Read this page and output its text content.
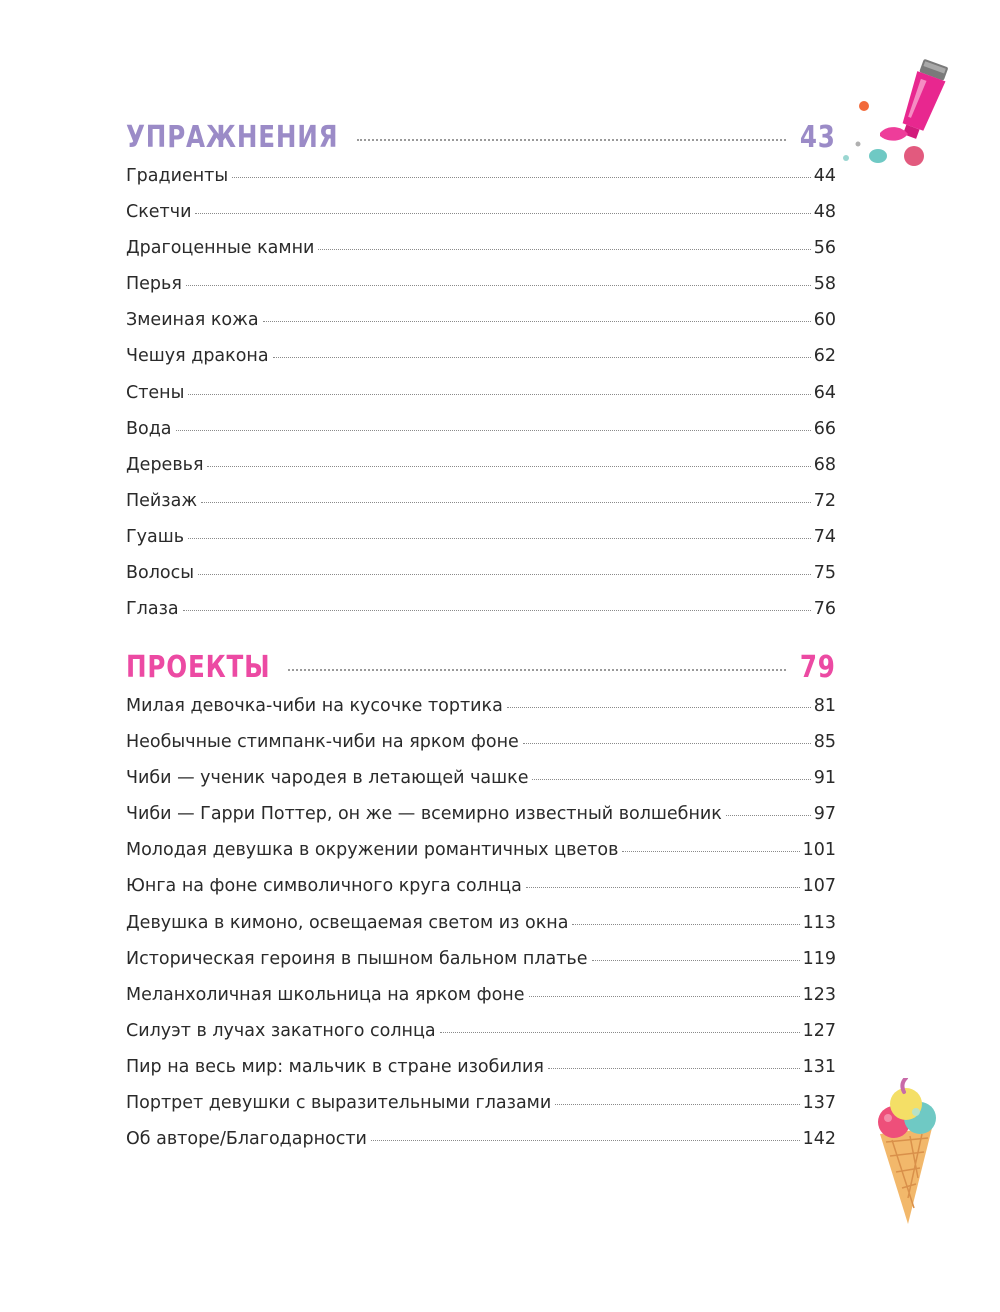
УПРАЖНЕНИЯ	43
Градиенты	44
Скетчи	48
Драгоценные камни	56
Перья	58
Змеиная кожа	60
Чешуя дракона	62
Стены	64
Вода	66
Деревья	68
Пейзаж	72
Гуашь	74
Волосы	75
Глаза	76
ПРОЕКТЫ	79
Милая девочка-чиби на кусочке тортика	81
Необычные стимпанк-чиби на ярком фоне	85
Чиби — ученик чародея в летающей чашке	91
Чиби — Гарри Поттер, он же — всемирно известный волшебник	97
Молодая девушка в окружении романтичных цветов	101
Юнга на фоне символичного круга солнца	107
Девушка в кимоно, освещаемая светом из окна	113
Историческая героиня в пышном бальном платье	119
Меланхоличная школьница на ярком фоне	123
Силуэт в лучах закатного солнца	127
Пир на весь мир: мальчик в стране изобилия	131
Портрет девушки с выразительными глазами	137
Об авторе/Благодарности	142
